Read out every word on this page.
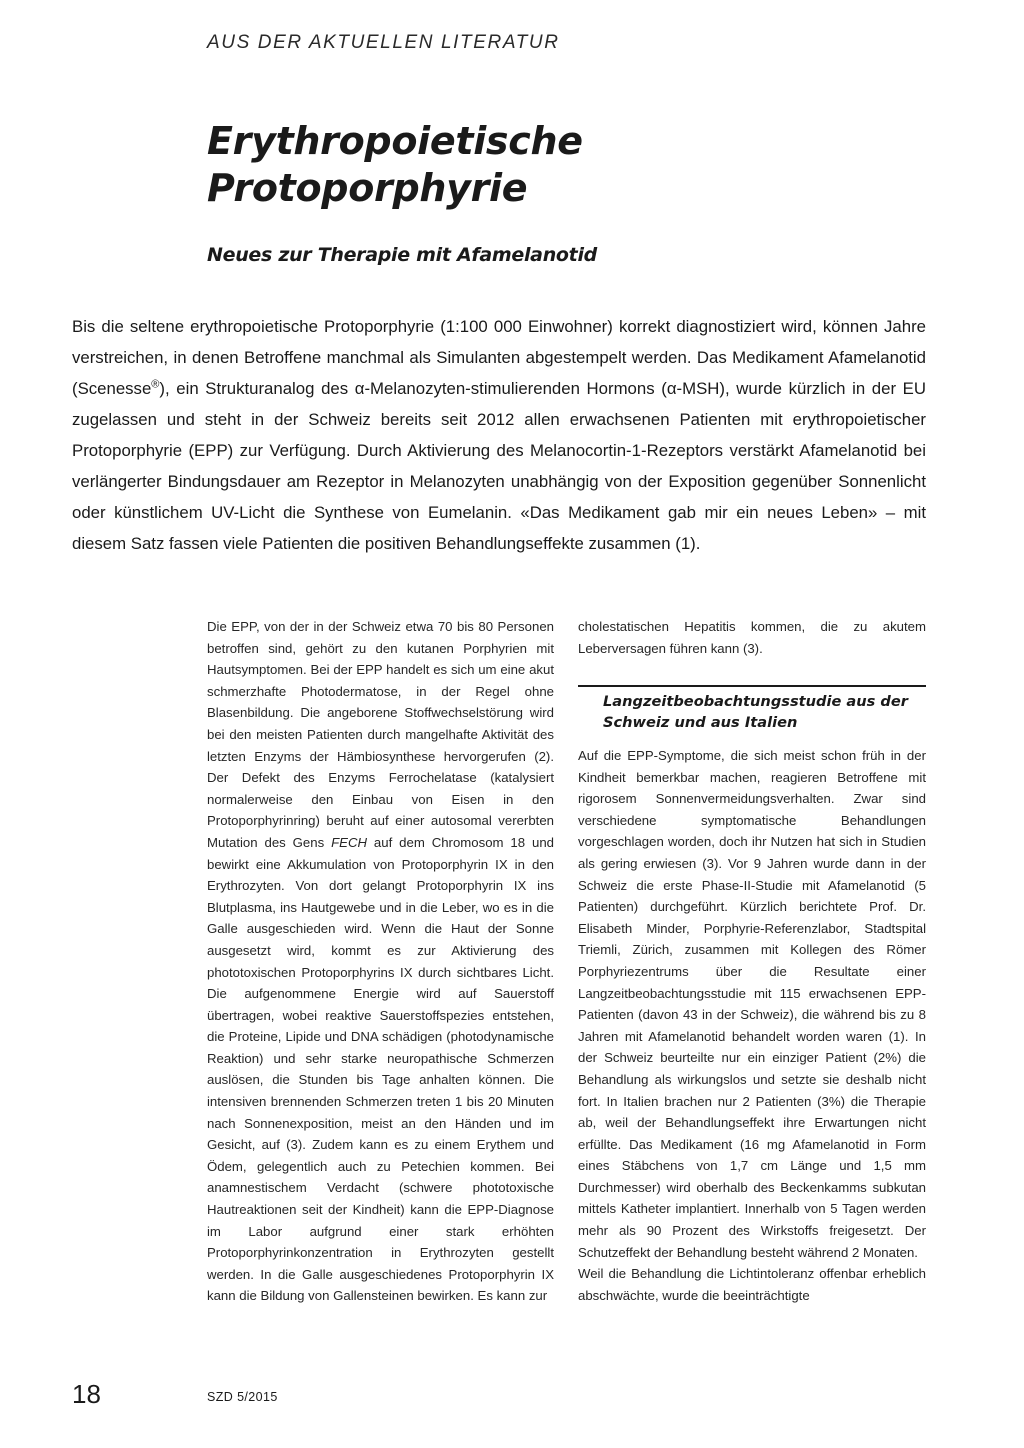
AUS DER AKTUELLEN LITERATUR
Erythropoietische
Protoporphyrie
Neues zur Therapie mit Afamelanotid

Bis die seltene erythropoietische Protoporphyrie (1:100 000 Einwohner) korrekt diagnostiziert wird, können Jahre verstreichen, in denen Betroffene manchmal als Simulanten abgestempelt werden. Das Medikament Afamelanotid (Scenesse®), ein Strukturanalog des α-Melanozyten-stimulierenden Hormons (α-MSH), wurde kürzlich in der EU zugelassen und steht in der Schweiz bereits seit 2012 allen erwachsenen Patienten mit erythropoietischer Protoporphyrie (EPP) zur Verfügung. Durch Aktivierung des Melanocortin-1-Rezeptors verstärkt Afamelanotid bei verlängerter Bindungsdauer am Rezeptor in Melanozyten unabhängig von der Exposition gegenüber Sonnenlicht oder künstlichem UV-Licht die Synthese von Eumelanin. «Das Medikament gab mir ein neues Leben» – mit diesem Satz fassen viele Patienten die positiven Behandlungseffekte zusammen (1).

Die EPP, von der in der Schweiz etwa 70 bis 80 Personen betroffen sind, gehört zu den kutanen Porphyrien mit Hautsymptomen. Bei der EPP handelt es sich um eine akut schmerzhafte Photodermatose, in der Regel ohne Blasenbildung. Die angeborene Stoffwechselstörung wird bei den meisten Patienten durch mangelhafte Aktivität des letzten Enzyms der Hämbiosynthese hervorgerufen (2). Der Defekt des Enzyms Ferrochelatase (katalysiert normalerweise den Einbau von Eisen in den Protoporphyrinring) beruht auf einer autosomal vererbten Mutation des Gens FECH auf dem Chromosom 18 und bewirkt eine Akkumulation von Protoporphyrin IX in den Erythrozyten. Von dort gelangt Protoporphyrin IX ins Blutplasma, ins Hautgewebe und in die Leber, wo es in die Galle ausgeschieden wird. Wenn die Haut der Sonne ausgesetzt wird, kommt es zur Aktivierung des phototoxischen Protoporphyrins IX durch sichtbares Licht. Die aufgenommene Energie wird auf Sauerstoff übertragen, wobei reaktive Sauerstoffspezies entstehen, die Proteine, Lipide und DNA schädigen (photodynamische Reaktion) und sehr starke neuropathische Schmerzen auslösen, die Stunden bis Tage anhalten können. Die intensiven brennenden Schmerzen treten 1 bis 20 Minuten nach Sonnenexposition, meist an den Händen und im Gesicht, auf (3). Zudem kann es zu einem Erythem und Ödem, gelegentlich auch zu Petechien kommen. Bei anamnestischem Verdacht (schwere phototoxische Hautreaktionen seit der Kindheit) kann die EPP-Diagnose im Labor aufgrund einer stark erhöhten Protoporphyrinkonzentration in Erythrozyten gestellt werden. In die Galle ausgeschiedenes Protoporphyrin IX kann die Bildung von Gallensteinen bewirken. Es kann zur

cholestatischen Hepatitis kommen, die zu akutem Leberversagen führen kann (3).

Langzeitbeobachtungsstudie aus der Schweiz und aus Italien
Auf die EPP-Symptome, die sich meist schon früh in der Kindheit bemerkbar machen, reagieren Betroffene mit rigorosem Sonnenvermeidungsverhalten. Zwar sind verschiedene symptomatische Behandlungen vorgeschlagen worden, doch ihr Nutzen hat sich in Studien als gering erwiesen (3). Vor 9 Jahren wurde dann in der Schweiz die erste Phase-II-Studie mit Afamelanotid (5 Patienten) durchgeführt. Kürzlich berichtete Prof. Dr. Elisabeth Minder, Porphyrie-Referenzlabor, Stadtspital Triemli, Zürich, zusammen mit Kollegen des Römer Porphyriezentrums über die Resultate einer Langzeitbeobachtungsstudie mit 115 erwachsenen EPP-Patienten (davon 43 in der Schweiz), die während bis zu 8 Jahren mit Afamelanotid behandelt worden waren (1). In der Schweiz beurteilte nur ein einziger Patient (2%) die Behandlung als wirkungslos und setzte sie deshalb nicht fort. In Italien brachen nur 2 Patienten (3%) die Therapie ab, weil der Behandlungseffekt ihre Erwartungen nicht erfüllte. Das Medikament (16 mg Afamelanotid in Form eines Stäbchens von 1,7 cm Länge und 1,5 mm Durchmesser) wird oberhalb des Beckenkamms subkutan mittels Katheter implantiert. Innerhalb von 5 Tagen werden mehr als 90 Prozent des Wirkstoffs freigesetzt. Der Schutzeffekt der Behandlung besteht während 2 Monaten.
Weil die Behandlung die Lichtintoleranz offenbar erheblich abschwächte, wurde die beeinträchtigte
18	SZD 5/2015
